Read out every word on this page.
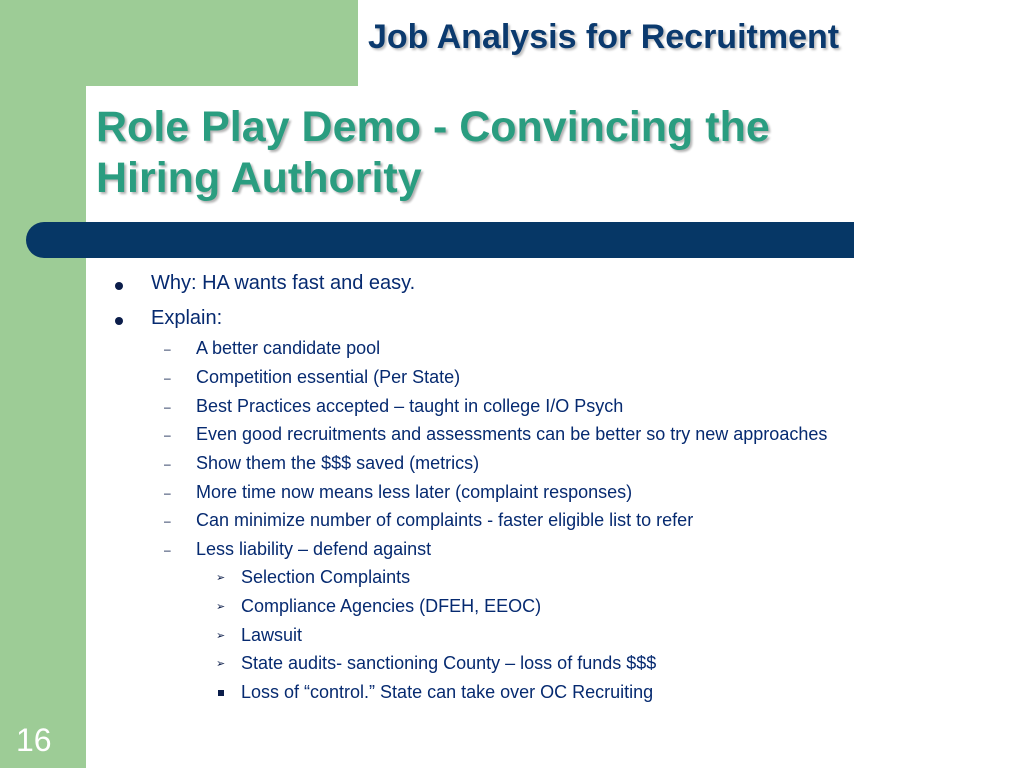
Job Analysis for Recruitment
Role Play Demo - Convincing the
Hiring Authority
Why: HA wants fast and easy.
Explain:
– A better candidate pool
– Competition essential (Per State)
– Best Practices accepted – taught in college I/O Psych
– Even good recruitments and assessments can be better so try new approaches
– Show them the $$$ saved (metrics)
– More time now means less later (complaint responses)
– Can minimize number of complaints - faster eligible list to refer
– Less liability – defend against
➢ Selection Complaints
➢ Compliance Agencies (DFEH, EEOC)
➢ Lawsuit
➢ State audits- sanctioning County – loss of funds $$$
Loss of “control.” State can take over OC Recruiting
16
